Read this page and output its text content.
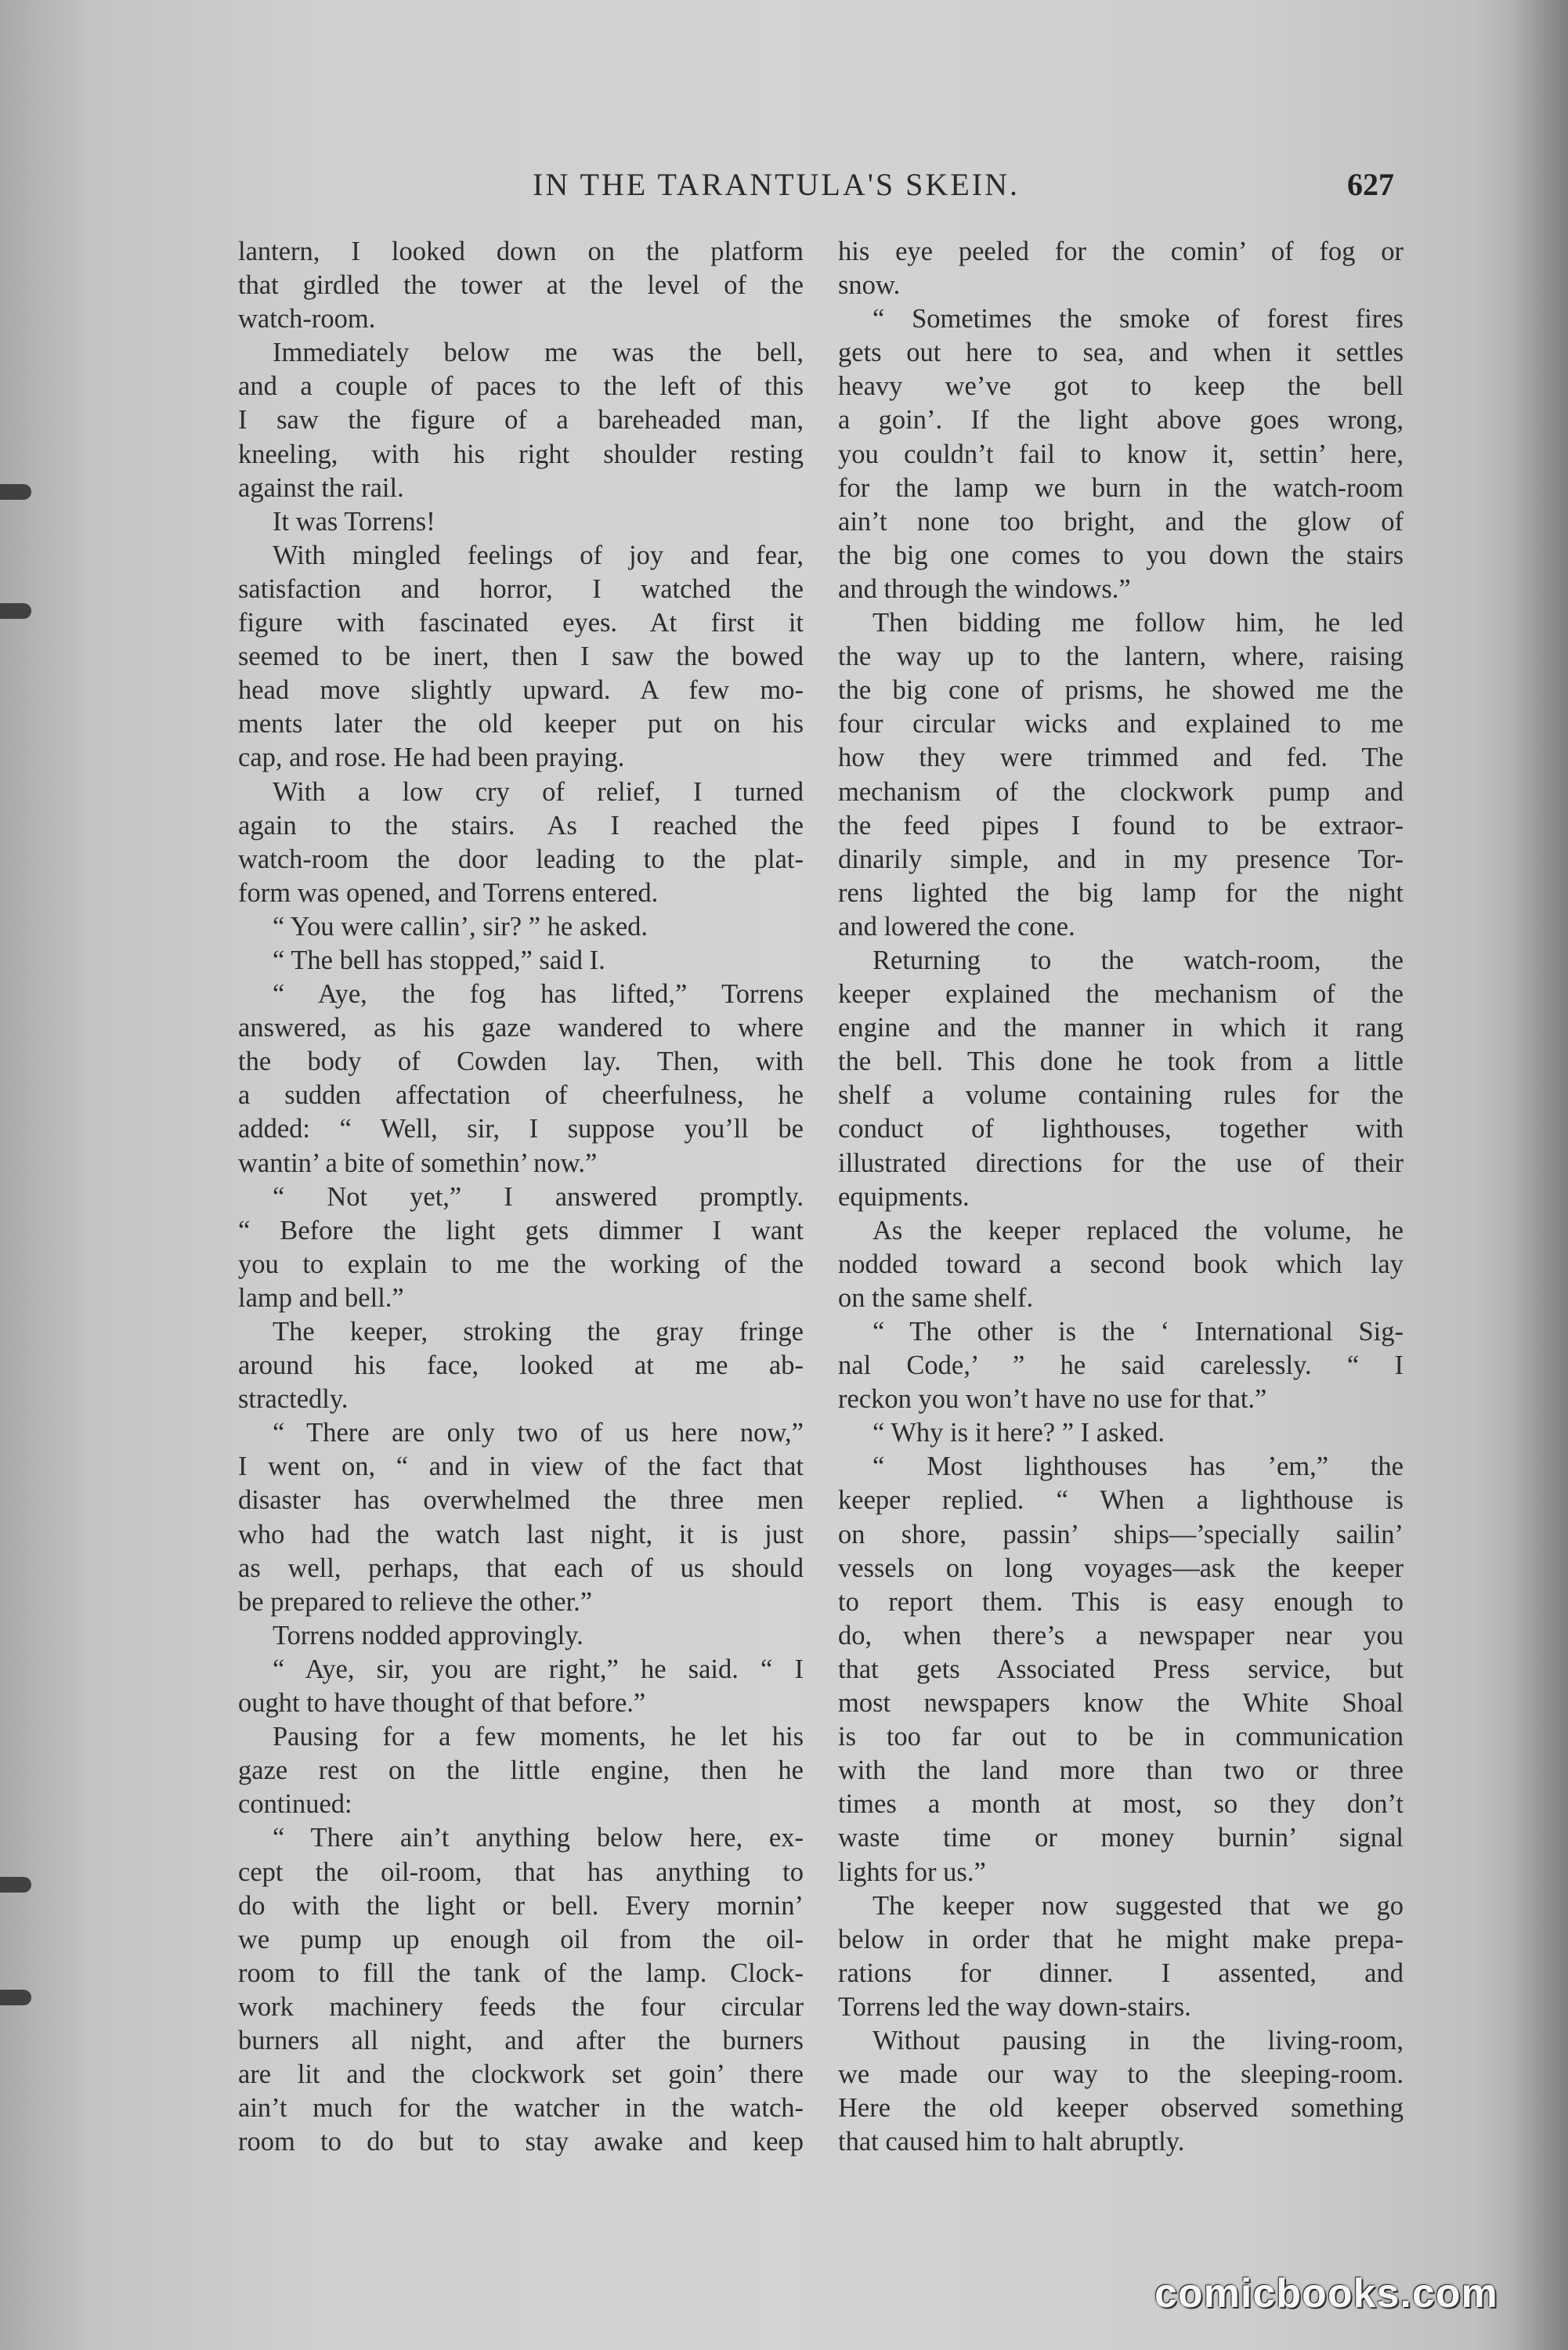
IN THE TARANTULA'S SKEIN.	627
lantern, I looked down on the platform
that girdled the tower at the level of the
watch-room.
Immediately below me was the bell,
and a couple of paces to the left of this
I saw the figure of a bareheaded man,
kneeling, with his right shoulder resting
against the rail.
It was Torrens!
With mingled feelings of joy and fear,
satisfaction and horror, I watched the
figure with fascinated eyes. At first it
seemed to be inert, then I saw the bowed
head move slightly upward. A few mo-
ments later the old keeper put on his
cap, and rose. He had been praying.
With a low cry of relief, I turned
again to the stairs. As I reached the
watch-room the door leading to the plat-
form was opened, and Torrens entered.
“ You were callin’, sir? ” he asked.
“ The bell has stopped,” said I.
“ Aye, the fog has lifted,” Torrens
answered, as his gaze wandered to where
the body of Cowden lay. Then, with
a sudden affectation of cheerfulness, he
added: “ Well, sir, I suppose you’ll be
wantin’ a bite of somethin’ now.”
“ Not yet,” I answered promptly.
“ Before the light gets dimmer I want
you to explain to me the working of the
lamp and bell.”
The keeper, stroking the gray fringe
around his face, looked at me ab-
stractedly.
“ There are only two of us here now,”
I went on, “ and in view of the fact that
disaster has overwhelmed the three men
who had the watch last night, it is just
as well, perhaps, that each of us should
be prepared to relieve the other.”
Torrens nodded approvingly.
“ Aye, sir, you are right,” he said. “ I
ought to have thought of that before.”
Pausing for a few moments, he let his
gaze rest on the little engine, then he
continued:
“ There ain’t anything below here, ex-
cept the oil-room, that has anything to
do with the light or bell. Every mornin’
we pump up enough oil from the oil-
room to fill the tank of the lamp. Clock-
work machinery feeds the four circular
burners all night, and after the burners
are lit and the clockwork set goin’ there
ain’t much for the watcher in the watch-
room to do but to stay awake and keep
his eye peeled for the comin’ of fog or
snow.
“ Sometimes the smoke of forest fires
gets out here to sea, and when it settles
heavy we’ve got to keep the bell
a goin’. If the light above goes wrong,
you couldn’t fail to know it, settin’ here,
for the lamp we burn in the watch-room
ain’t none too bright, and the glow of
the big one comes to you down the stairs
and through the windows.”
Then bidding me follow him, he led
the way up to the lantern, where, raising
the big cone of prisms, he showed me the
four circular wicks and explained to me
how they were trimmed and fed. The
mechanism of the clockwork pump and
the feed pipes I found to be extraor-
dinarily simple, and in my presence Tor-
rens lighted the big lamp for the night
and lowered the cone.
Returning to the watch-room, the
keeper explained the mechanism of the
engine and the manner in which it rang
the bell. This done he took from a little
shelf a volume containing rules for the
conduct of lighthouses, together with
illustrated directions for the use of their
equipments.
As the keeper replaced the volume, he
nodded toward a second book which lay
on the same shelf.
“ The other is the ‘ International Sig-
nal Code,’ ” he said carelessly. “ I
reckon you won’t have no use for that.”
“ Why is it here? ” I asked.
“ Most lighthouses has ’em,” the
keeper replied. “ When a lighthouse is
on shore, passin’ ships—’specially sailin’
vessels on long voyages—ask the keeper
to report them. This is easy enough to
do, when there’s a newspaper near you
that gets Associated Press service, but
most newspapers know the White Shoal
is too far out to be in communication
with the land more than two or three
times a month at most, so they don’t
waste time or money burnin’ signal
lights for us.”
The keeper now suggested that we go
below in order that he might make prepa-
rations for dinner. I assented, and
Torrens led the way down-stairs.
Without pausing in the living-room,
we made our way to the sleeping-room.
Here the old keeper observed something
that caused him to halt abruptly.
comicbooks.com
